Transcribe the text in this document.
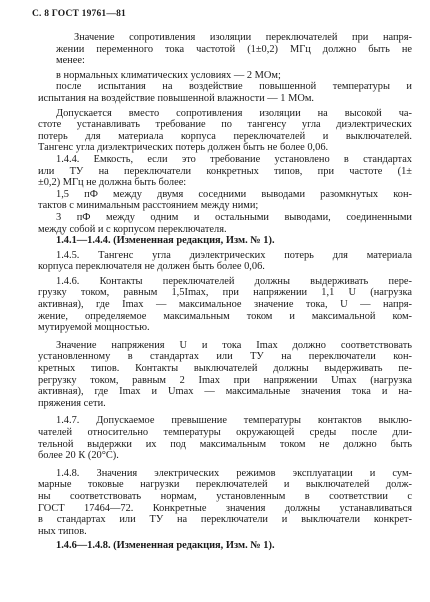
С. 8 ГОСТ 19761—81
Значение сопротивления изоляции переключателей при напря-
жении переменного тока частотой (1±0,2) МГц должно быть не
менее:
в нормальных климатических условиях — 2 МОм;
после испытания на воздействие повышенной температуры и
испытания на воздействие повышенной влажности — 1 МОм.
Допускается вместо сопротивления изоляции на высокой ча-
стоте устанавливать требование по тангенсу угла диэлектрических
потерь для материала корпуса переключателей и выключателей.
Тангенс угла диэлектрических потерь должен быть не более 0,06.
1.4.4. Емкость, если это требование установлено в стандартах
или ТУ на переключатели конкретных типов, при частоте (1±
±0,2) МГц не должна быть более:
1,5 пФ между двумя соседними выводами разомкнутых кон-
тактов с минимальным расстоянием между ними;
3 пФ между одним и остальными выводами, соединенными
между собой и с корпусом переключателя.
1.4.1—1.4.4. (Измененная редакция, Изм. № 1).
1.4.5. Тангенс угла диэлектрических потерь для материала
корпуса переключателя не должен быть более 0,06.
1.4.6. Контакты переключателей должны выдерживать пере-
грузку током, равным 1,5Imax, при напряжении 1,1 U (нагрузка
активная), где Imax — максимальное значение тока, U — напря-
жение, определяемое максимальным током и максимальной ком-
мутируемой мощностью.
Значение напряжения U и тока Imax должно соответствовать
установленному в стандартах или ТУ на переключатели кон-
кретных типов. Контакты выключателей должны выдерживать пе-
регрузку током, равным 2 Imax при напряжении Umax (нагрузка
активная), где Imax и Umax — максимальные значения тока и на-
пряжения сети.
1.4.7. Допускаемое превышение температуры контактов выклю-
чателей относительно температуры окружающей среды после дли-
тельной выдержки их под максимальным током не должно быть
более 20 К (20°С).
1.4.8. Значения электрических режимов эксплуатации и сум-
марные токовые нагрузки переключателей и выключателей долж-
ны соответствовать нормам, установленным в соответствии с
ГОСТ 17464—72. Конкретные значения должны устанавливаться
в стандартах или ТУ на переключатели и выключатели конкрет-
ных типов.
1.4.6—1.4.8. (Измененная редакция, Изм. № 1).
